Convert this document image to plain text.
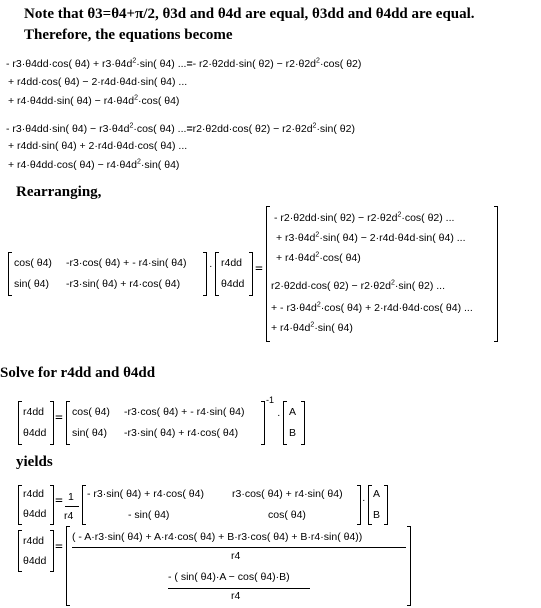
Note that θ3=θ4+π/2, θ3d and θ4d are equal, θ3dd and θ4dd are equal.
Therefore, the equations become
- r3·θ4dd·cos( $\theta 4) + r3\cdot\theta 4d^2\cdot\sin$( θ4) ...=- r2·θ2dd·sin( $\theta 2) - r2\cdot\theta 2d^2\cdot\cos$( θ2)
+ r4dd·cos( θ4) − 2·r4d·θ4d·sin( θ4) ...
+ r4·θ4dd·sin( $\theta 4) - r4\cdot\theta 4d^2\cdot\cos$( θ4)
- r3·θ4dd·sin( $\theta 4) - r3\cdot\theta 4d^2\cdot\cos$( θ4) ...=r2·θ2dd·cos( $\theta 2) - r2\cdot\theta 2d^2\cdot\sin$( θ2)
+ r4dd·sin( θ4) + 2·r4d·θ4d·cos( θ4) ...
+ r4·θ4dd·cos( $\theta 4) - r4\cdot\theta 4d^2\cdot\sin$( θ4)
Rearranging,
cos( θ4) -r3·cos( θ4) + - r4·sin( θ4)
sin( θ4) -r3·sin( θ4) + r4·cos( θ4)
· r4dd
θ4dd
=
- r2·θ2dd·sin( $\theta 2) - r2\cdot\theta 2d^2\cdot\cos$( θ2) ...
+ $r3\cdot\theta 4d^2\cdot\sin$( θ4) − 2·r4d·θ4d·sin( θ4) ...
+ $r4\cdot\theta 4d^2\cdot\cos$( θ4)
r2·θ2dd·cos( $\theta 2) - r2\cdot\theta 2d^2\cdot\sin$( θ2) ...
+ - $r3\cdot\theta 4d^2\cdot\cos$( θ4) + 2·r4d·θ4d·cos( θ4) ...
+ $r4\cdot\theta 4d^2\cdot\sin$( θ4)
Solve for r4dd and θ4dd
r4dd
θ4dd
= cos( θ4) -r3·cos( θ4) + - r4·sin( θ4)
sin( θ4) -r3·sin( θ4) + r4·cos( θ4)
-1
· A
B
yields
r4dd
θ4dd
= 1
r4
- r3·sin( θ4) + r4·cos( θ4)	r3·cos( θ4) + r4·sin( θ4)
- sin( θ4)	cos( θ4)
· A
B
r4dd
θ4dd
=
( - A·r3·sin( θ4) + A·r4·cos( θ4) + B·r3·cos( θ4) + B·r4·sin( θ4))
r4
- ( sin( θ4)·A − cos( θ4)·B)
r4
